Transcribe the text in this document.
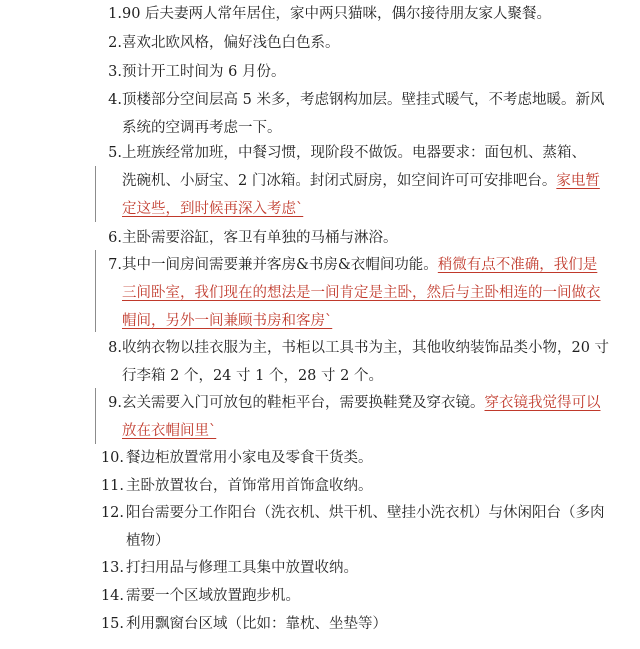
1. 90 后夫妻两人常年居住，家中两只猫咪，偶尔接待朋友家人聚餐。
2. 喜欢北欧风格，偏好浅色白色系。
3. 预计开工时间为 6 月份。
4. 顶楼部分空间层高 5 米多，考虑钢构加层。壁挂式暖气，不考虑地暖。新风
系统的空调再考虑一下。
5. 上班族经常加班，中餐习惯，现阶段不做饭。电器要求：面包机、蒸箱、
洗碗机、小厨宝、2 门冰箱。封闭式厨房，如空间许可可安排吧台。家电暂
定这些，到时候再深入考虑`
6. 主卧需要浴缸，客卫有单独的马桶与淋浴。
7. 其中一间房间需要兼并客房&书房&衣帽间功能。稍微有点不准确，我们是
三间卧室，我们现在的想法是一间肯定是主卧，然后与主卧相连的一间做衣
帽间，另外一间兼顾书房和客房`
8. 收纳衣物以挂衣服为主，书柜以工具书为主，其他收纳装饰品类小物，20 寸
行李箱 2 个，24 寸 1 个，28 寸 2 个。
9. 玄关需要入门可放包的鞋柜平台，需要换鞋凳及穿衣镜。穿衣镜我觉得可以
放在衣帽间里`
10. 餐边柜放置常用小家电及零食干货类。
11. 主卧放置妆台，首饰常用首饰盒收纳。
12. 阳台需要分工作阳台（洗衣机、烘干机、壁挂小洗衣机）与休闲阳台（多肉
植物）
13. 打扫用品与修理工具集中放置收纳。
14. 需要一个区域放置跑步机。
15. 利用飘窗台区域（比如：靠枕、坐垫等）
